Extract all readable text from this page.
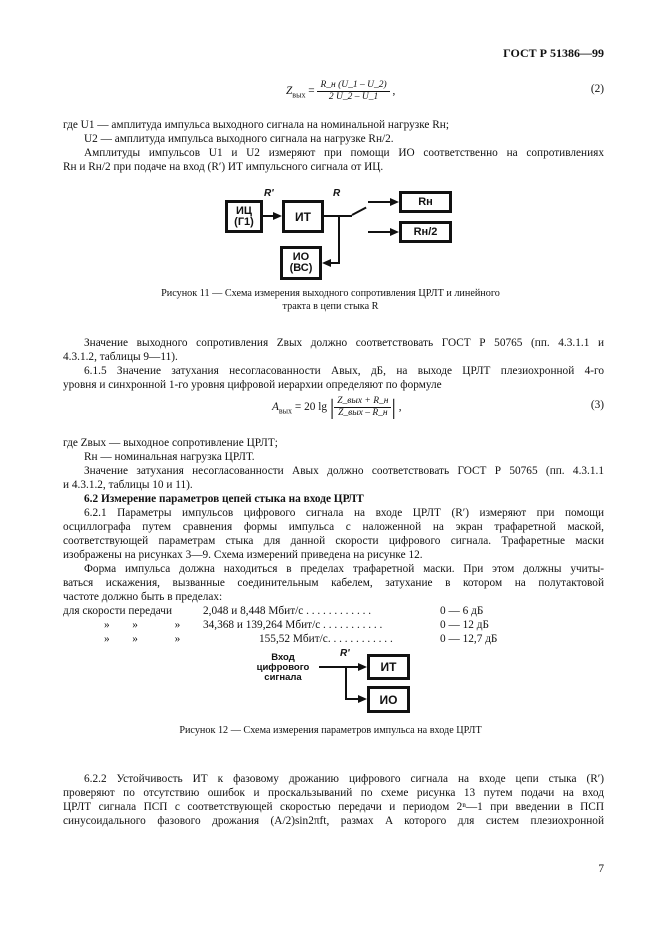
ГОСТ Р 51386—99
$Z_{вых} = \frac{R\_н (U\_1 - U\_2)}{2 U\_2 - U\_1}$ ,	(2)
где U1 — амплитуда импульса выходного сигнала на номинальной нагрузке Rн;
U2 — амплитуда импульса выходного сигнала на нагрузке Rн/2.
Амплитуды импульсов U1 и U2 измеряют при помощи ИО соответственно на сопротивлениях
Rн и Rн/2 при подаче на вход (R′) ИТ импульсного сигнала от ИЦ.
ИЦ (Г1)	ИТ
ИО (ВС)
Rн
Rн/2
R'	R
Рисунок 11 — Схема измерения выходного сопротивления ЦРЛТ и линейного
тракта в цепи стыка R
Значение выходного сопротивления Zвых должно соответствовать ГОСТ Р 50765 (пп. 4.3.1.1 и
4.3.1.2, таблицы 9—11).
6.1.5 Значение затухания несогласованности Aвых, дБ, на выходе ЦРЛТ плезиохронной 4-го
уровня и синхронной 1-го уровня цифровой иерархии определяют по формуле
$A_{вых} = 20$ lg | $\frac{\text{Z\_вых + R\_н}}{\text{Z\_вых – R\_н}}$ | ,	(3)
где Zвых — выходное сопротивление ЦРЛТ;
Rн — номинальная нагрузка ЦРЛТ.
Значение затухания несогласованности Aвых должно соответствовать ГОСТ Р 50765 (пп. 4.3.1.1
и 4.3.1.2, таблицы 10 и 11).
6.2 Измерение параметров цепей стыка на входе ЦРЛТ
6.2.1 Параметры импульсов цифрового сигнала на входе ЦРЛТ (R′) измеряют при помощи
осциллографа путем сравнения формы импульса с наложенной на экран трафаретной маской,
соответствующей параметрам стыка для данной скорости цифрового сигнала. Трафаретные маски
изображены на рисунках 3—9. Схема измерений приведена на рисунке 12.
Форма импульса должна находиться в пределах трафаретной маски. При этом должны учиты-
ваться искажения, вызванные соединительным кабелем, затухание в котором на полутактовой
частоте должно быть в пределах:
для скорости передачи	2,048 и 8,448 Мбит/с . . . . . . . . . . . .	0 — 6 дБ
»        »             » 34,368 и 139,264 Мбит/с . . . . . . . . . . .	0 — 12 дБ
»        »             »	155,52 Мбит/с. . . . . . . . . . . .	0 — 12,7 дБ
Вход
цифрового
сигнала
R'
ИТ
ИО
Рисунок 12 — Схема измерения параметров импульса на входе ЦРЛТ
6.2.2 Устойчивость ИТ к фазовому дрожанию цифрового сигнала на входе цепи стыка (R′)
проверяют по отсутствию ошибок и проскальзываний по схеме рисунка 13 путем подачи на вход
ЦРЛТ сигнала ПСП с соответствующей скоростью передачи и периодом 2ⁿ—1 при введении в ПСП
синусоидального фазового дрожания (A/2)sin2πft, размах A которого для систем плезиохронной
7
